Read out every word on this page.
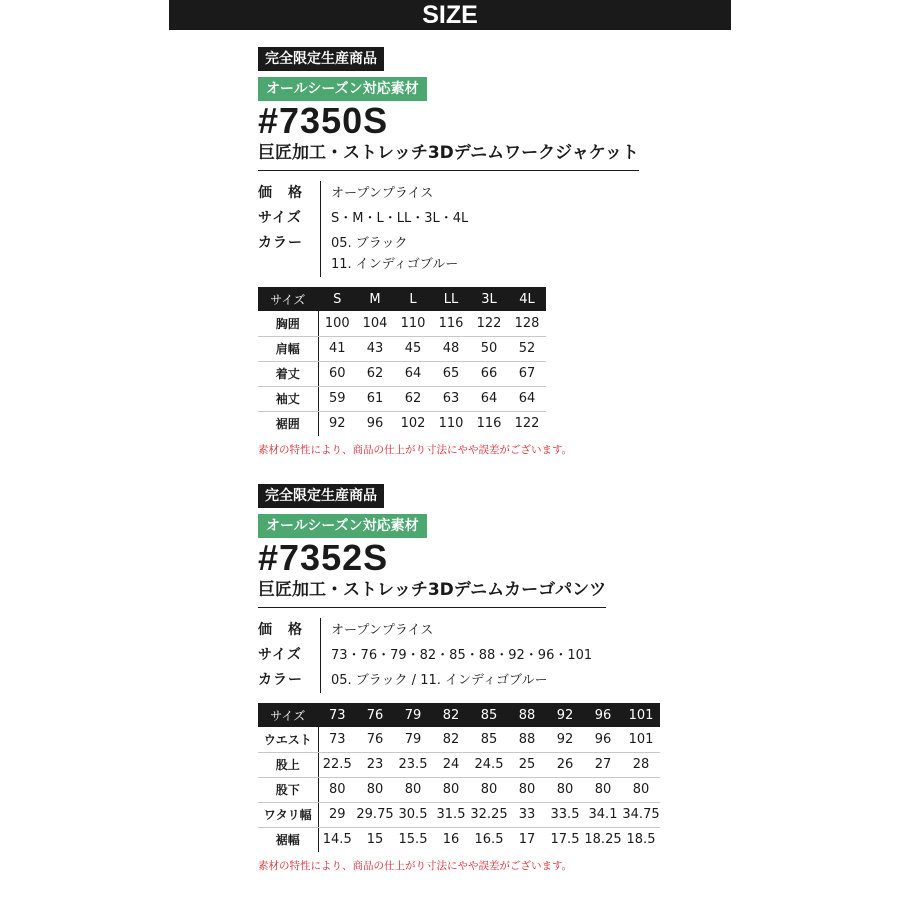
SIZE
完全限定生産商品
オールシーズン対応素材
#7350S
巨匠加工・ストレッチ3Dデニムワークジャケット
価　格	オープンプライス
サイズ	S・M・L・LL・3L・4L
カラー	05. ブラック
11. インディゴブルー
サイズ	S	M	L	LL	3L	4L
胸囲	100	104	110	116	122	128
肩幅	41	43	45	48	50	52
着丈	60	62	64	65	66	67
袖丈	59	61	62	63	64	64
裾囲	92	96	102	110	116	122
素材の特性により、商品の仕上がり寸法にやや誤差がございます。
完全限定生産商品
オールシーズン対応素材
#7352S
巨匠加工・ストレッチ3Dデニムカーゴパンツ
価　格	オープンプライス
サイズ	73・76・79・82・85・88・92・96・101
カラー	05. ブラック / 11. インディゴブルー
サイズ	73	76	79	82	85	88	92	96	101
ウエスト	73	76	79	82	85	88	92	96	101
股上	22.5	23	23.5	24	24.5	25	26	27	28
股下	80	80	80	80	80	80	80	80	80
ワタリ幅	29	29.75	30.5	31.5	32.25	33	33.5	34.1	34.75
裾幅	14.5	15	15.5	16	16.5	17	17.5	18.25	18.5
素材の特性により、商品の仕上がり寸法にやや誤差がございます。
